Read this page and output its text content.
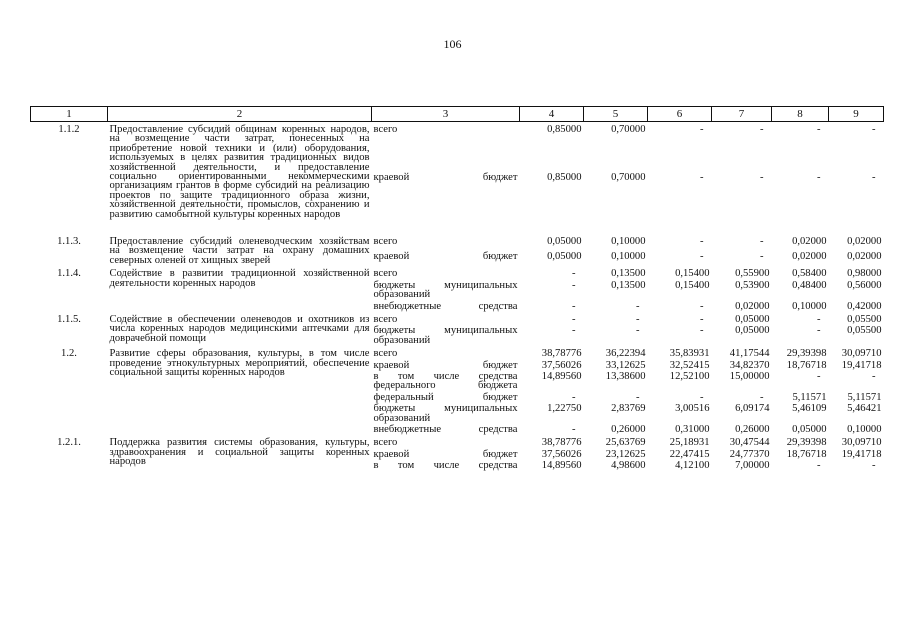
106
1	2	3	4	5	6	7	8	9

1.1.2	Предоставление субсидий общинам коренных народов, на возмещение части затрат, понесенных на приобретение новой техники и (или) оборудования, используемых в целях развития традиционных видов хозяйственной деятельности, и предоставление социально ориентированными некоммерческими организациям грантов в форме субсидий на реализацию проектов по защите традиционного образа жизни, хозяйственной деятельности, промыслов, сохранению и развитию самобытной культуры коренных народов	всего	0,85000	0,70000	-	-	-	-
		краевой бюджет	0,85000	0,70000	-	-	-	-

1.1.3.	Предоставление субсидий оленеводческим хозяйствам на возмещение части затрат на охрану домашних северных оленей от хищных зверей	всего	0,05000	0,10000	-	-	0,02000	0,02000
		краевой бюджет	0,05000	0,10000	-	-	0,02000	0,02000

1.1.4.	Содействие в развитии традиционной хозяйственной деятельности коренных народов	всего	-	0,13500	0,15400	0,55900	0,58400	0,98000
		бюджеты муниципальных образований	-	0,13500	0,15400	0,53900	0,48400	0,56000
		внебюджетные средства	-	-	-	0,02000	0,10000	0,42000

1.1.5.	Содействие в обеспечении оленеводов и охотников из числа коренных народов медицинскими аптечками для доврачебной помощи	всего	-	-	-	0,05000	-	0,05500
		бюджеты муниципальных образований	-	-	-	0,05000	-	0,05500

1.2.	Развитие сферы образования, культуры, в том числе проведение этнокультурных мероприятий, обеспечение социальной защиты коренных народов	всего	38,78776	36,22394	35,83931	41,17544	29,39398	30,09710
		краевой бюджет	37,56026	33,12625	32,52415	34,82370	18,76718	19,41718
		в том числе средства федерального бюджета	14,89560	13,38600	12,52100	15,00000	-	-
		федеральный бюджет	-	-	-	-	5,11571	5,11571
		бюджеты муниципальных образований	1,22750	2,83769	3,00516	6,09174	5,46109	5,46421
		внебюджетные средства	-	0,26000	0,31000	0,26000	0,05000	0,10000

1.2.1.	Поддержка развития системы образования, культуры, здравоохранения и социальной защиты коренных народов	всего	38,78776	25,63769	25,18931	30,47544	29,39398	30,09710
		краевой бюджет	37,56026	23,12625	22,47415	24,77370	18,76718	19,41718
		в том числе средства	14,89560	4,98600	4,12100	7,00000	-	-
